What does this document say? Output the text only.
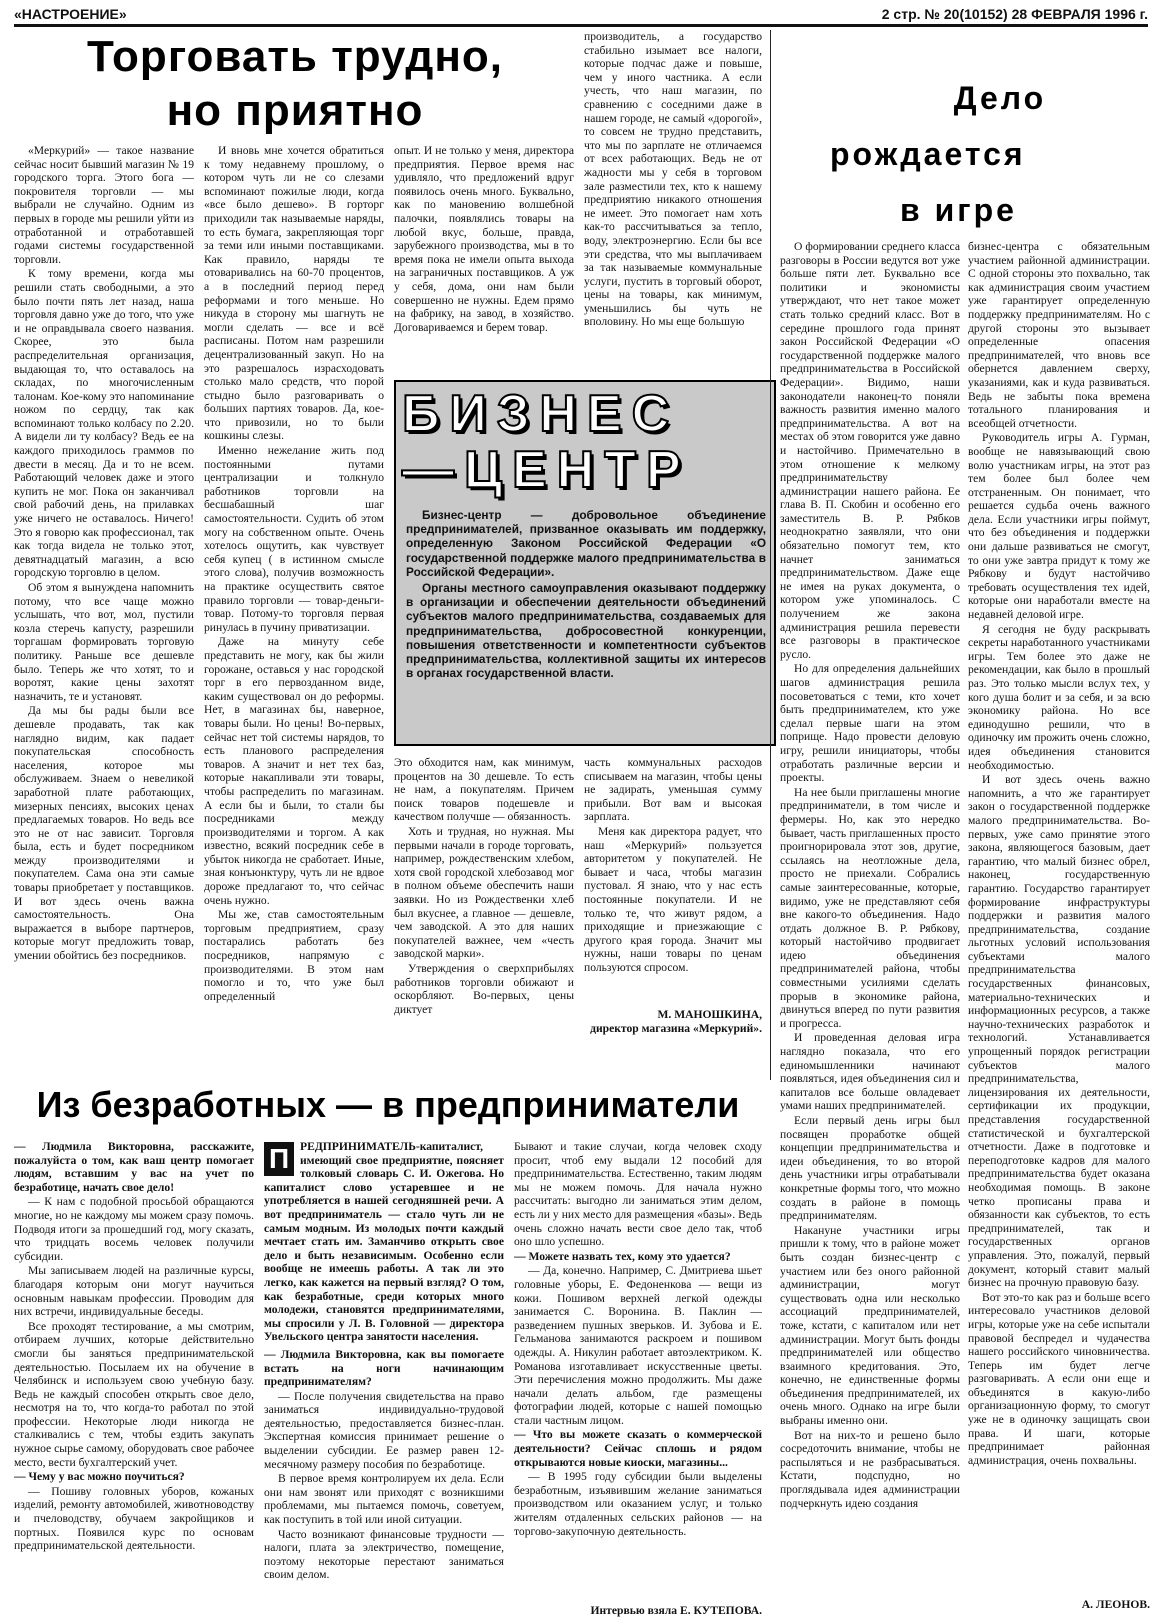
«НАСТРОЕНИЕ»	2 стр. № 20(10152) 28 ФЕВРАЛЯ 1996 г.
Торговать трудно,
но приятно

«Меркурий» — такое название сейчас носит бывший магазин № 19 городского торга. Этого бога — покровителя торговли — мы выбрали не случайно. Одним из первых в городе мы решили уйти из отработанной и отработавшей годами системы государственной торговли.

К тому времени, когда мы решили стать свободными, а это было почти пять лет назад, наша торговля давно уже до того, что уже и не оправдывала своего названия. Скорее, это была распределительная организация, выдающая то, что оставалось на складах, по многочисленным талонам. Кое-кому это напоминание ножом по сердцу, так как вспоминают только колбасу по 2.20. А видели ли ту колбасу? Ведь ее на каждого приходилось граммов по двести в месяц. Да и то не всем. Работающий человек даже и этого купить не мог. Пока он заканчивал свой рабочий день, на прилавках уже ничего не оставалось. Ничего! Это я говорю как профессионал, так как тогда видела не только этот, девятнадцатый магазин, а всю городскую торговлю в целом.

Об этом я вынуждена напомнить потому, что все чаще можно услышать, что вот, мол, пустили козла стеречь капусту, разрешили торгашам формировать торговую политику. Раньше все дешевле было. Теперь же что хотят, то и воротят, какие цены захотят назначить, те и установят.

Да мы бы рады были все дешевле продавать, так как наглядно видим, как падает покупательская способность населения, которое мы обслуживаем. Знаем о невеликой заработной плате работающих, мизерных пенсиях, высоких ценах предлагаемых товаров. Но ведь все это не от нас зависит. Торговля была, есть и будет посредником между производителями и покупателем. Сама она эти самые товары приобретает у поставщиков. И вот здесь очень важна самостоятельность. Она выражается в выборе партнеров, которые могут предложить товар, умении обойтись без посредников.

И вновь мне хочется обратиться к тому недавнему прошлому, о котором чуть ли не со слезами вспоминают пожилые люди, когда «все было дешево». В горторг приходили так называемые наряды, то есть бумага, закрепляющая торг за теми или иными поставщиками. Как правило, наряды те отоваривались на 60-70 процентов, а в последний период перед реформами и того меньше. Но никуда в сторону мы шагнуть не могли сделать — все и всё расписаны. Потом нам разрешили децентрализованный закуп. Но на это разрешалось израсходовать столько мало средств, что порой стыдно было разговаривать о больших партиях товаров. Да, кое-что привозили, но то были кошкины слезы.

Именно нежелание жить под постоянными путами централизации и толкнуло работников торговли на бесшабашный шаг самостоятельности. Судить об этом могу на собственном опыте. Очень хотелось ощутить, как чувствует себя купец ( в истинном смысле этого слова), получив возможность на практике осуществить святое правило торговли — товар-деньги-товар. Потому-то торговля первая ринулась в пучину приватизации.

Даже на минуту себе представить не могу, как бы жили горожане, оставься у нас городской торг в его первозданном виде, каким существовал он до реформы. Нет, в магазинах бы, наверное, товары были. Но цены! Во-первых, сейчас нет той системы нарядов, то есть планового распределения товаров. А значит и нет тех баз, которые накапливали эти товары, чтобы распределить по магазинам. А если бы и были, то стали бы посредниками между производителями и торгом. А как известно, всякий посредник себе в убыток никогда не сработает. Иные, зная конъюнктуру, чуть ли не вдвое дороже предлагают то, что сейчас очень нужно.

Мы же, став самостоятельным торговым предприятием, сразу постарались работать без посредников, напрямую с производителями. В этом нам помогло и то, что уже был определенный

опыт. И не только у меня, директора предприятия. Первое время нас удивляло, что предложений вдруг появилось очень много. Буквально, как по мановению волшебной палочки, появлялись товары на любой вкус, больше, правда, зарубежного производства, мы в то время пока не имели опыта выхода на заграничных поставщиков. А уж у себя, дома, они нам были совершенно не нужны. Едем прямо на фабрику, на завод, в хозяйство. Договариваемся и берем товар.

производитель, а государство стабильно изымает все налоги, которые подчас даже и повыше, чем у иного частника. А если учесть, что наш магазин, по сравнению с соседними даже в нашем городе, не самый «дорогой», то совсем не трудно представить, что мы по зарплате не отличаемся от всех работающих. Ведь не от жадности мы у себя в торговом зале разместили тех, кто к нашему предприятию никакого отношения не имеет. Это помогает нам хоть как-то рассчитываться за тепло, воду, электроэнергию. Если бы все эти средства, что мы выплачиваем за так называемые коммунальные услуги, пустить в торговый оборот, цены на товары, как минимум, уменьшились бы чуть не вполовину. Но мы еще большую

БИЗНЕС
—ЦЕНТР

Бизнес-центр — добровольное объединение предпринимателей, призванное оказывать им поддержку, определенную Законом Российской Федерации «О государственной поддержке малого предпринимательства в Российской Федерации».

Органы местного самоуправления оказывают поддержку в организации и обеспечении деятельности объединений субъектов малого предпринимательства, создаваемых для предпринимательства, добросовестной конкуренции, повышения ответственности и компетентности субъектов предпринимательства, коллективной защиты их интересов в органах государственной власти.

Это обходится нам, как минимум, процентов на 30 дешевле. То есть не нам, а покупателям. Причем поиск товаров подешевле и качеством получше — обязанность.

Хоть и трудная, но нужная. Мы первыми начали в городе торговать, например, рождественским хлебом, хотя свой городской хлебозавод мог в полном объеме обеспечить наши заявки. Но из Рождественки хлеб был вкуснее, а главное — дешевле, чем заводской. А это для наших покупателей важнее, чем «честь заводской марки».

Утверждения о сверхприбылях работников торговли обижают и оскорбляют. Во-первых, цены диктует

часть коммунальных расходов списываем на магазин, чтобы цены не задирать, уменьшая сумму прибыли. Вот вам и высокая зарплата.

Меня как директора радует, что наш «Меркурий» пользуется авторитетом у покупателей. Не бывает и часа, чтобы магазин пустовал. Я знаю, что у нас есть постоянные покупатели. И не только те, что живут рядом, а приходящие и приезжающие с другого края города. Значит мы нужны, наши товары по ценам пользуются спросом.

М. МАНОШКИНА,
директор магазина «Меркурий».
Дело
рождается
в игре

О формировании среднего класса разговоры в России ведутся вот уже больше пяти лет. Буквально все политики и экономисты утверждают, что нет такое может стать только средний класс. Вот в середине прошлого года принят закон Российской Федерации «О государственной поддержке малого предпринимательства в Российской Федерации». Видимо, наши законодатели наконец-то поняли важность развития именно малого предпринимательства. А вот на местах об этом говорится уже давно и настойчиво. Примечательно в этом отношение к мелкому предпринимательству администрации нашего района. Ее глава В. П. Скобин и особенно его заместитель В. Р. Рябков неоднократно заявляли, что они обязательно помогут тем, кто начнет заниматься предпринимательством. Даже еще не имея на руках документа, о котором уже упоминалось. С получением же закона администрация решила перевести все разговоры в практическое русло.

Но для определения дальнейших шагов администрация решила посоветоваться с теми, кто хочет быть предпринимателем, кто уже сделал первые шаги на этом поприще. Надо провести деловую игру, решили инициаторы, чтобы отработать различные версии и проекты.

На нее были приглашены многие предприниматели, в том числе и фермеры. Но, как это нередко бывает, часть приглашенных просто проигнорировала этот зов, другие, ссылаясь на неотложные дела, просто не приехали. Собрались самые заинтересованные, которые, видимо, уже не представляют себя вне какого-то объединения. Надо отдать должное В. Р. Рябкову, который настойчиво продвигает идею объединения предпринимателей района, чтобы совместными усилиями сделать прорыв в экономике района, двинуться вперед по пути развития и прогресса.

И проведенная деловая игра наглядно показала, что его единомышленники начинают появляться, идея объединения сил и капиталов все больше овладевает умами наших предпринимателей.

Если первый день игры был посвящен проработке общей концепции предпринимательства и идеи объединения, то во второй день участники игры отрабатывали конкретные формы того, что можно создать в районе в помощь предпринимателям.

Накануне участники игры пришли к тому, что в районе может быть создан бизнес-центр с участием или без оного районной администрации, могут существовать одна или несколько ассоциаций предпринимателей, тоже, кстати, с капиталом или нет администрации. Могут быть фонды предпринимателей или общество взаимного кредитования. Это, конечно, не единственные формы объединения предпринимателей, их очень много. Однако на игре были выбраны именно они.

Вот на них-то и решено было сосредоточить внимание, чтобы не распыляться и не разбрасываться. Кстати, подспудно, но проглядывала идея администрации подчеркнуть идею создания

бизнес-центра с обязательным участием районной администрации. С одной стороны это похвально, так как администрация своим участием уже гарантирует определенную поддержку предпринимателям. Но с другой стороны это вызывает определенные опасения предпринимателей, что вновь все обернется давлением сверху, указаниями, как и куда развиваться. Ведь не забыты пока времена тотального планирования и всеобщей отчетности.

Руководитель игры А. Гурман, вообще не навязывающий свою волю участникам игры, на этот раз тем более был более чем отстраненным. Он понимает, что решается судьба очень важного дела. Если участники игры поймут, что без объединения и поддержки они дальше развиваться не смогут, то они уже завтра придут к тому же Рябкову и будут настойчиво требовать осуществления тех идей, которые они наработали вместе на недавней деловой игре.

Я сегодня не буду раскрывать секреты наработанного участниками игры. Тем более это даже не рекомендации, как было в прошлый раз. Это только мысли вслух тех, у кого душа болит и за себя, и за всю экономику района. Но все единодушно решили, что в одиночку им прожить очень сложно, идея объединения становится необходимостью.

И вот здесь очень важно напомнить, а что же гарантирует закон о государственной поддержке малого предпринимательства. Во-первых, уже само принятие этого закона, являющегося базовым, дает гарантию, что малый бизнес обрел, наконец, государственную гарантию. Государство гарантирует формирование инфраструктуры поддержки и развития малого предпринимательства, создание льготных условий использования субъектами малого предпринимательства государственных финансовых, материально-технических и информационных ресурсов, а также научно-технических разработок и технологий. Устанавливается упрощенный порядок регистрации субъектов малого предпринимательства, лицензирования их деятельности, сертификации их продукции, представления государственной статистической и бухгалтерской отчетности. Даже в подготовке и переподготовке кадров для малого предпринимательства будет оказана необходимая помощь. В законе четко прописаны права и обязанности как субъектов, то есть предпринимателей, так и государственных органов управления. Это, пожалуй, первый документ, который ставит малый бизнес на прочную правовую базу.

Вот это-то как раз и больше всего интересовало участников деловой игры, которые уже на себе испытали правовой беспредел и чудачества нашего российского чиновничества. Теперь им будет легче разговаривать. А если они еще и объединятся в какую-либо организационную форму, то смогут уже не в одиночку защищать свои права. И шаги, которые предпринимает районная администрация, очень похвальны.

А. ЛЕОНОВ.
Из безработных — в предприниматели

— Людмила Викторовна, расскажите, пожалуйста о том, как ваш центр помогает людям, вставшим у вас на учет по безработице, начать свое дело!

— К нам с подобной просьбой обращаются многие, но не каждому мы можем сразу помочь. Подводя итоги за прошедший год, могу сказать, что тридцать восемь человек получили субсидии.

Мы записываем людей на различные курсы, благодаря которым они могут научиться основным навыкам профессии. Проводим для них встречи, индивидуальные беседы.

Все проходят тестирование, а мы смотрим, отбираем лучших, которые действительно смогли бы заняться предпринимательской деятельностью. Посылаем их на обучение в Челябинск и используем свою учебную базу. Ведь не каждый способен открыть свое дело, несмотря на то, что когда-то работал по этой профессии. Некоторые люди никогда не сталкивались с тем, чтобы ездить закупать нужное сырье самому, оборудовать свое рабочее место, вести бухгалтерский учет.

— Чему у вас можно поучиться?

— Пошиву головных уборов, кожаных изделий, ремонту автомобилей, животноводству и пчеловодству, обучаем закройщиков и портных. Появился курс по основам предпринимательской деятельности.

П РЕДПРИНИМАТЕЛЬ-капиталист, имеющий свое предприятие, поясняет толковый словарь С. И. Ожегова. Но капиталист слово устаревшее и не употребляется в нашей сегодняшней речи. А вот предприниматель — стало чуть ли не самым модным. Из молодых почти каждый мечтает стать им. Заманчиво открыть свое дело и быть независимым. Особенно если вообще не имеешь работы. А так ли это легко, как кажется на первый взгляд? О том, как безработные, среди которых много молодежи, становятся предпринимателями, мы спросили у Л. В. Головной — директора Увельского центра занятости населения.

— Людмила Викторовна, как вы помогаете встать на ноги начинающим предпринимателям?

— После получения свидетельства на право заниматься индивидуально-трудовой деятельностью, предоставляется бизнес-план. Экспертная комиссия принимает решение о выделении субсидии. Ее размер равен 12-месячному размеру пособия по безработице.

В первое время контролируем их дела. Если они нам звонят или приходят с возникшими проблемами, мы пытаемся помочь, советуем, как поступить в той или иной ситуации.

Часто возникают финансовые трудности — налоги, плата за электричество, помещение, поэтому некоторые перестают заниматься своим делом.

Бывают и такие случаи, когда человек сходу просит, чтоб ему выдали 12 пособий для предпринимательства. Естественно, таким людям мы не можем помочь. Для начала нужно рассчитать: выгодно ли заниматься этим делом, есть ли у них место для размещения «базы». Ведь очень сложно начать вести свое дело так, чтоб оно шло успешно.

— Можете назвать тех, кому это удается?

— Да, конечно. Например, С. Дмитриева шьет головные уборы, Е. Федоненкова — вещи из кожи. Пошивом верхней легкой одежды занимается С. Воронина. В. Паклин — разведением пушных зверьков. И. Зубова и Е. Гельманова занимаются раскроем и пошивом одежды. А. Никулин работает автоэлектриком. К. Романова изготавливает искусственные цветы. Эти перечисления можно продолжить. Мы даже начали делать альбом, где размещены фотографии людей, которые с нашей помощью стали частным лицом.

— Что вы можете сказать о коммерческой деятельности? Сейчас сплошь и рядом открываются новые киоски, магазины...

— В 1995 году субсидии были выделены безработным, изъявившим желание заниматься производством или оказанием услуг, и только жителям отдаленных сельских районов — на торгово-закупочную деятельность.

Интервью взяла Е. КУТЕПОВА.
